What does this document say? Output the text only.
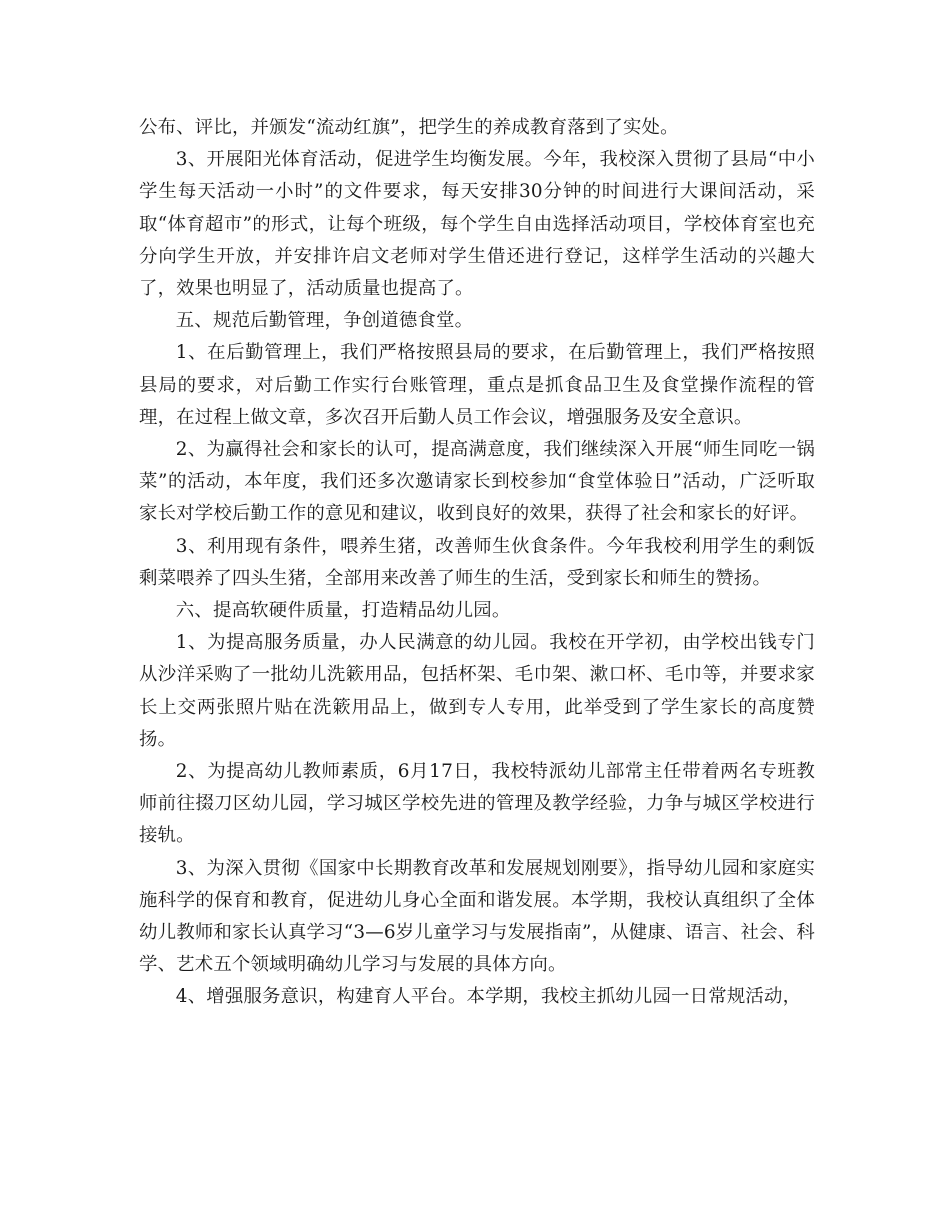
公布、评比，并颁发“流动红旗”，把学生的养成教育落到了实处。

3、开展阳光体育活动，促进学生均衡发展。今年，我校深入贯彻了县局“中小学生每天活动一小时”的文件要求，每天安排30分钟的时间进行大课间活动，采取“体育超市”的形式，让每个班级，每个学生自由选择活动项目，学校体育室也充分向学生开放，并安排许启文老师对学生借还进行登记，这样学生活动的兴趣大了，效果也明显了，活动质量也提高了。

五、规范后勤管理，争创道德食堂。

1、在后勤管理上，我们严格按照县局的要求，在后勤管理上，我们严格按照县局的要求，对后勤工作实行台账管理，重点是抓食品卫生及食堂操作流程的管理，在过程上做文章，多次召开后勤人员工作会议，增强服务及安全意识。

2、为赢得社会和家长的认可，提高满意度，我们继续深入开展“师生同吃一锅菜”的活动，本年度，我们还多次邀请家长到校参加“食堂体验日”活动，广泛听取家长对学校后勤工作的意见和建议，收到良好的效果，获得了社会和家长的好评。

3、利用现有条件，喂养生猪，改善师生伙食条件。今年我校利用学生的剩饭剩菜喂养了四头生猪，全部用来改善了师生的生活，受到家长和师生的赞扬。

六、提高软硬件质量，打造精品幼儿园。

1、为提高服务质量，办人民满意的幼儿园。我校在开学初，由学校出钱专门从沙洋采购了一批幼儿洗簌用品，包括杯架、毛巾架、漱口杯、毛巾等，并要求家长上交两张照片贴在洗簌用品上，做到专人专用，此举受到了学生家长的高度赞扬。

2、为提高幼儿教师素质，6月17日，我校特派幼儿部常主任带着两名专班教师前往掇刀区幼儿园，学习城区学校先进的管理及教学经验，力争与城区学校进行接轨。

3、为深入贯彻《国家中长期教育改革和发展规划刚要》，指导幼儿园和家庭实施科学的保育和教育，促进幼儿身心全面和谐发展。本学期，我校认真组织了全体幼儿教师和家长认真学习“3—6岁儿童学习与发展指南”，从健康、语言、社会、科学、艺术五个领域明确幼儿学习与发展的具体方向。

4、增强服务意识，构建育人平台。本学期，我校主抓幼儿园一日常规活动，
